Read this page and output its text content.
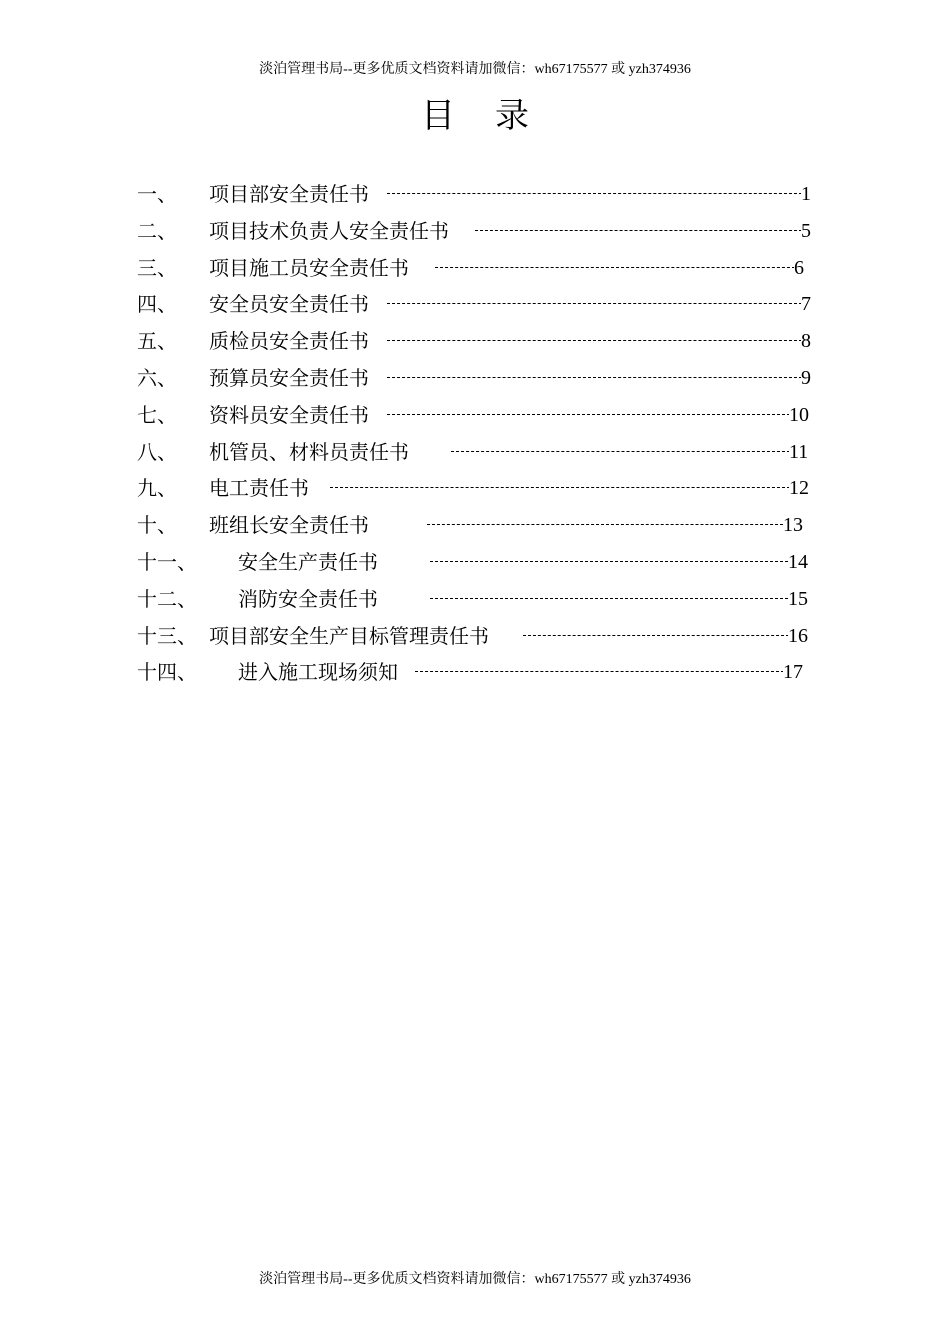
淡泊管理书局--更多优质文档资料请加微信：wh67175577 或 yzh374936
目录
一、 项目部安全责任书	1
二、 项目技术负责人安全责任书	5
三、 项目施工员安全责任书	6
四、 安全员安全责任书	7
五、 质检员安全责任书	8
六、 预算员安全责任书	9
七、 资料员安全责任书	10
八、 机管员、材料员责任书	11
九、 电工责任书	12
十、 班组长安全责任书	13
十一、 安全生产责任书	14
十二、 消防安全责任书	15
十三、 项目部安全生产目标管理责任书	16
十四、 进入施工现场须知	17
淡泊管理书局--更多优质文档资料请加微信：wh67175577 或 yzh374936
